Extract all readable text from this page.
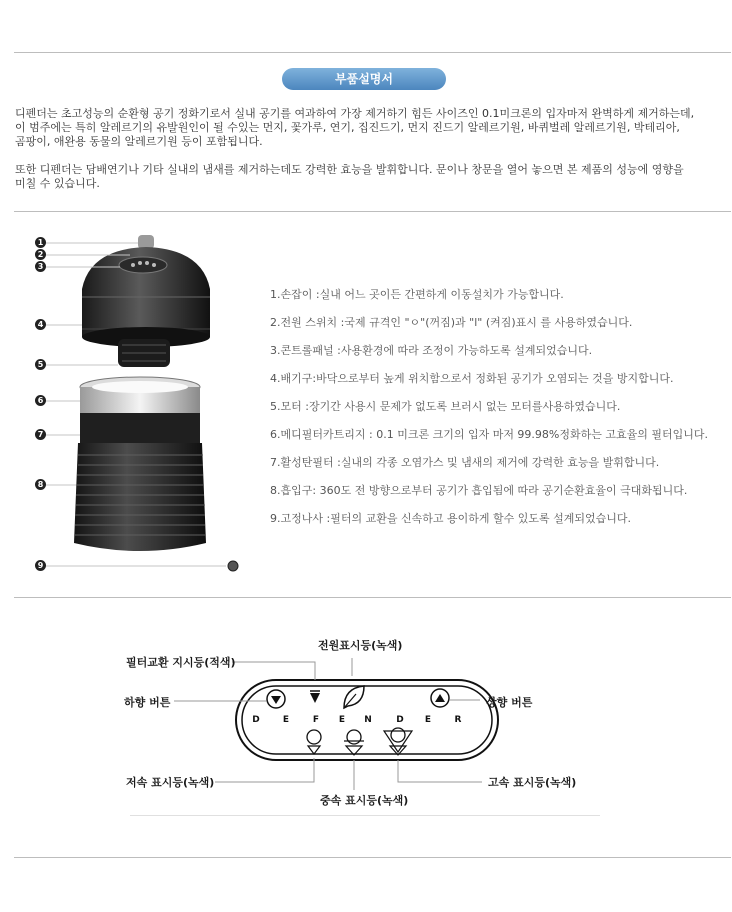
부품설명서
디펜더는 초고성능의 순환형 공기 정화기로서 실내 공기를 여과하여 가장 제거하기 힘든 사이즈인 0.1미크론의 입자마저 완벽하게 제거하는데,
이 범주에는 특히 알레르기의 유발원인이 될 수있는 먼지, 꽃가루, 연기, 집진드기, 먼지 진드기 알레르기원, 바퀴벌레 알레르기원, 박테리아,
곰팡이, 애완용 동물의 알레르기원 등이 포함됩니다.
또한 디펜더는 담배연기나 기타 실내의 냄새를 제거하는데도 강력한 효능을 발휘합니다. 문이나 창문을 열어 놓으면 본 제품의 성능에 영향을
미칠 수 있습니다.
1
2
3
4
5
6
7
8
9
1.손잡이 :실내 어느 곳이든 간편하게 이동설치가 가능합니다.
2.전원 스위치 :국제 규격인 "ㅇ"(꺼짐)과 "l" (켜짐)표시 를 사용하였습니다.
3.콘트롤패널 :사용환경에 따라 조정이 가능하도록 설계되었습니다.
4.배기구:바닥으로부터 높게 위치함으로서 정화된 공기가 오염되는 것을 방지합니다.
5.모터 :장기간 사용시 문제가 없도록 브러시 없는 모터를사용하였습니다.
6.메디필터카트리지 : 0.1 미크론 크기의 입자 마저 99.98%정화하는 고효율의 필터입니다.
7.활성탄필터 :실내의 각종 오염가스 및 냄새의 제거에 강력한 효능을 발휘합니다.
8.흡입구: 360도 전 방향으로부터 공기가 흡입됨에 따라 공기순환효율이 극대화됩니다.
9.고정나사 :필터의 교환을 신속하고 용이하게 할수 있도록 설계되었습니다.
D	E	F E N	D E	R
전원표시등(녹색)
필터교환 지시등(적색)
하향 버튼	상향 버튼
저속 표시등(녹색)
중속 표시등(녹색)
고속 표시등(녹색)
